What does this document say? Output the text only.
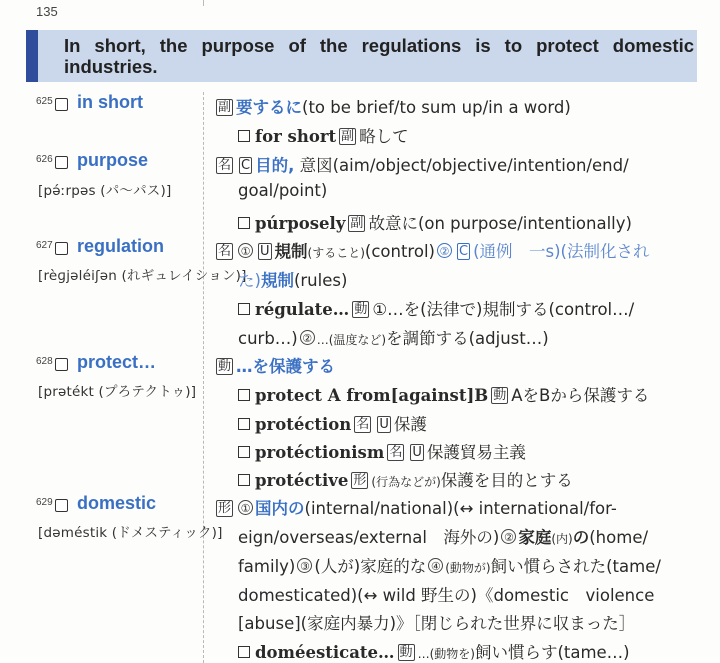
135
In short, the purpose of the regulations is to protect domestic industries.

625 in short	副 要するに(to be brief/to sum up/in a word)
for short 副 略して
626 purpose
[pə́ːrpəs (パ～パス)]
名 C 目的, 意図(aim/object/objective/intention/end/
goal/point)
púrposely 副 故意に(on purpose/intentionally)
627 regulation
[rèɡjəléiʃən (れギュレイション)]
名 ① U 規制(すること)(control) ② C (通例　一s)(法制化され
た)規制(rules)
régulate… 動 ①…を(法律で)規制する(control…/
curb…) ② …(温度など)を調節する(adjust…)
628 protect…
[prətékt (プろテクトゥ)]
動 …を保護する
protect A from[against]B 動 AをBから保護する
protéction 名 U 保護
protéctionism 名 U 保護貿易主義
protéctive 形 (行為などが)保護を目的とする
629 domestic
[dəméstik (ドメスティック)]
形 ① 国内の(internal/national)(↔ international/for-
eign/overseas/external　海外の) ② 家庭(内)の(home/
family) ③ (人が)家庭的な ④ (動物が)飼い慣らされた(tame/
domesticated)(↔ wild 野生の)《domestic　violence
[abuse](家庭内暴力)》［閉じられた世界に収まった］
doméesticate… 動 …(動物を)飼い慣らす(tame…)
